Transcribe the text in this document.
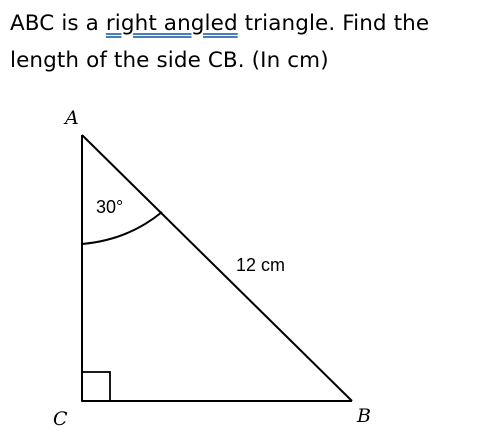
ABC is a right angled triangle. Find the
length of the side CB. (In cm)

A
C	B
30°
12 cm
